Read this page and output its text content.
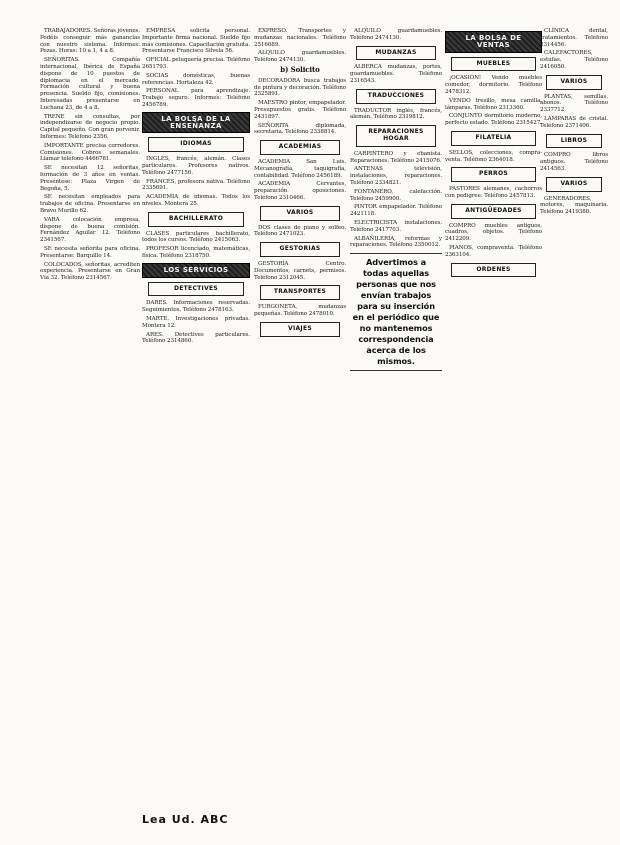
TRABAJADORES. Señoras jóvenes. Podéis conseguir más ganancias con nuestro sistema. Informes: Pozas. Horas: 10 a 1, 4 a 8.

SEÑORITAS. Compañía internacional, Ibérica de España dispone de 10 puestos de diplomacia en el mercado. Formación cultural y buena presencia. Sueldo fijo, comisiones. Interesadas presentarse en Luchana 23, de 4 a 8.

TRENE sin consultas, por independizarse de negocio propio. Capital pequeño. Con gran porvenir. Informes: Teléfono 2356.

IMPORTANTE precisa corredores. Comisiones. Cobros semanales. Llamar teléfono 4466781.

SE necesitan 12 señoritas, formación de 3 años en ventas. Preséntese: Plaza Virgen de Begoña, 5.

SE necesitan empleados para trabajos de oficina. Presentarse en Bravo Murillo 62.

VARA colocación empresa, dispone de buena comisión. Fernández Aguilar 12. Teléfono 2341567.

SE necesita señorita para oficina. Presentarse: Barquillo 14.

COLOCADOS, señoritas, acrediten experiencia. Presentarse en Gran Vía 32. Teléfono 2314567.

EMPRESA solicita personal. Importante firma nacional. Sueldo fijo más comisiones. Capacitación gratuita. Presentarse Francisco Silvela 56.

OFICIAL peluquería precisa. Teléfono 2651793.

SOCIAS domésticas, buenas referencias. Hortaleza 42.

PERSONAL para aprendizaje. Trabajo seguro. Informes: Teléfono 2456789.

LA BOLSA DE LA ENSEÑANZA
IDIOMAS

INGLÉS, francés, alemán. Clases particulares. Profesores nativos. Teléfono 2477156.

FRANCÉS, profesora nativa. Teléfono 2335691.

ACADEMIA de idiomas. Todos los niveles. Montera 25.

BACHILLERATO

CLASES particulares bachillerato, todos los cursos. Teléfono 2415063.

PROFESOR licenciado, matemáticas, física. Teléfono 2318750.

LOS SERVICIOS
DETECTIVES

DARES. Informaciones reservadas. Seguimientos. Teléfono 2478163.

MARTE. Investigaciones privadas. Montera 12.

ARES. Detectives particulares. Teléfono 2314860.

Lea Ud. ABC

EXPRESO. Transportes y mudanzas nacionales. Teléfono 2516689.

ALQUILO guardamuebles. Teléfono 2474130.

b) Solicito

DECORADORA busca trabajos de pintura y decoración. Teléfono 2325891.

MAESTRO pintor, empapelador. Presupuestos gratis. Teléfono 2431897.

SEÑORITA diplomada, secretaria. Teléfono 2338814.

ACADEMIAS

ACADEMIA San Luis. Mecanografía, taquigrafía, contabilidad. Teléfono 2456189.

ACADEMIA Cervantes, preparación oposiciones. Teléfono 2310466.

VARIOS

DOS clases de piano y solfeo. Teléfono 2471023.

GESTORIAS

GESTORÍA Centro. Documentos, carnets, permisos. Teléfono 2312045.

TRANSPORTES

FURGONETA, mudanzas pequeñas. Teléfono 2478010.

VIAJES

ALQUILO guardamuebles. Teléfono 2474130.

MUDANZAS

ALBERCA mudanzas, portes, guardamuebles. Teléfono 2316543.

TRADUCCIONES

TRADUCTOR inglés, francés, alemán. Teléfono 2319812.

REPARACIONES HOGAR

CARPINTERO y ebanista. Reparaciones. Teléfono 2415076.

ANTENAS televisión, instalaciones, reparaciones. Teléfono 2334821.

FONTANERO, calefacción. Teléfono 2459900.

PINTOR empapelador. Teléfono 2421118.

ELECTRICISTA instalaciones. Teléfono 2417703.

ALBAÑILERÍA, reformas y reparaciones. Teléfono 2350012.

Advertimos a todas aquellas personas que nos envían trabajos para su inserción en el periódico que no mantenemos correspondencia acerca de los mismos.
LA BOLSA DE VENTAS
MUEBLES

¡OCASIÓN! Vendo muebles comedor, dormitorio. Teléfono 2478312.

VENDO tresillo, mesa camilla, lámparas. Teléfono 2313360.

CONJUNTO dormitorio moderno, perfecto estado. Teléfono 2315427.

FILATELIA

SELLOS, colecciones, compra-venta. Teléfono 2364018.

PERROS

PASTORES alemanes, cachorros con pedigree. Teléfono 2457813.

ANTIGÜEDADES

COMPRO muebles antiguos, cuadros, objetos. Teléfono 2412209.

PIANOS, compraventa. Teléfono 2363104.

ORDENES

CLÍNICA dental, tratamientos. Teléfono 2314456.

CALEFACTORES, estufas. Teléfono 2416050.

VARIOS

PLANTAS, semillas, abonos. Teléfono 2337712.

LÁMPARAS de cristal. Teléfono 2371406.

LIBROS

COMPRO libros antiguos. Teléfono 2414563.

VARIOS

GENERADORES, motores, maquinaria. Teléfono 2419380.
